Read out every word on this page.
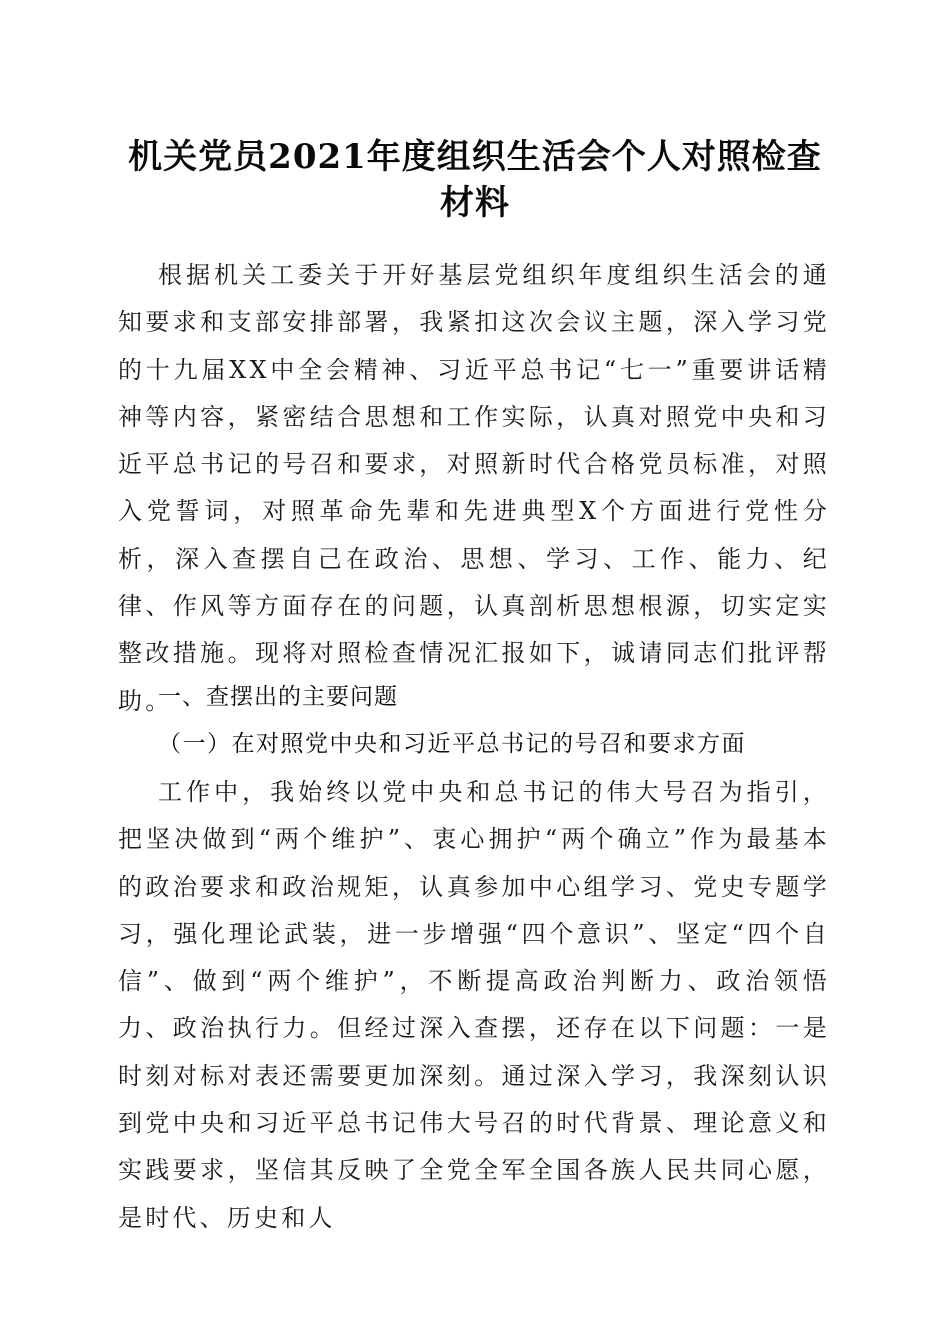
机关党员2021年度组织生活会个人对照检查
材料

根据机关工委关于开好基层党组织年度组织生活会的通知要求和支部安排部署，我紧扣这次会议主题，深入学习党的十九届XX中全会精神、习近平总书记“七一”重要讲话精神等内容，紧密结合思想和工作实际，认真对照党中央和习近平总书记的号召和要求，对照新时代合格党员标准，对照入党誓词，对照革命先辈和先进典型X个方面进行党性分析，深入查摆自己在政治、思想、学习、工作、能力、纪律、作风等方面存在的问题，认真剖析思想根源，切实定实整改措施。现将对照检查情况汇报如下，诚请同志们批评帮助。

一、查摆出的主要问题

（一）在对照党中央和习近平总书记的号召和要求方面

工作中，我始终以党中央和总书记的伟大号召为指引，把坚决做到“两个维护”、衷心拥护“两个确立”作为最基本的政治要求和政治规矩，认真参加中心组学习、党史专题学习，强化理论武装，进一步增强“四个意识”、坚定“四个自信”、做到“两个维护”，不断提高政治判断力、政治领悟力、政治执行力。但经过深入查摆，还存在以下问题：一是时刻对标对表还需要更加深刻。通过深入学习，我深刻认识到党中央和习近平总书记伟大号召的时代背景、理论意义和实践要求，坚信其反映了全党全军全国各族人民共同心愿，是时代、历史和人
